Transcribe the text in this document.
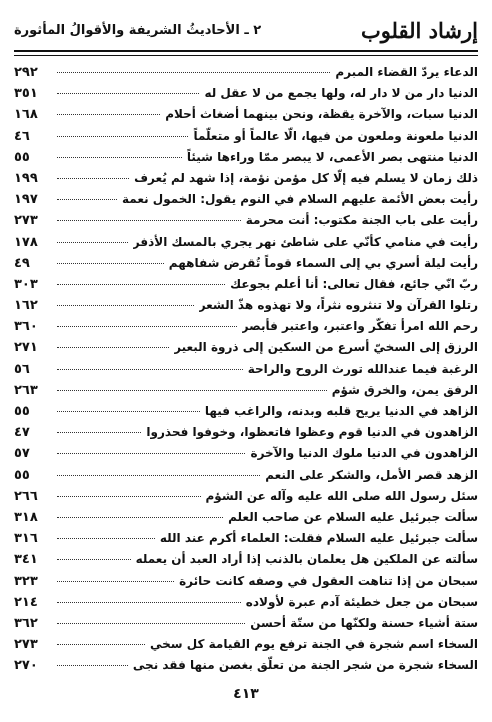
إرشاد القلوب
٢ ـ الأحاديثُ الشريفة والأقوالُ المأثورة
الدعاء يردّ القضاء المبرم
٢٩٢
الدنيا دار من لا دار له، ولها يجمع من لا عقل له
٣٥١
الدنيا سبات، والآخرة يقظة، ونحن بينهما أضغاث أحلام
١٦٨
الدنيا ملعونة وملعون من فيها، الّا عالماً أو متعلّماً
٤٦
الدنيا منتهى بصر الأعمى، لا يبصر ممّا وراءها شيئاً
٥٥
ذلك زمان لا يسلم فيه إلّا كل مؤمن نؤمة، إذا شهد لم يُعرف
١٩٩
رأيت بعض الأئمة عليهم السلام في النوم يقول: الخمول نعمة
١٩٧
رأيت على باب الجنة مكتوب: أنت محرمة
٢٧٣
رأيت في منامي كأنّي على شاطئ نهر يجري بالمسك الأذفر
١٧٨
رأيت ليلة أسري بي إلى السماء قوماً تُقرض شفاههم
٤٩
ربّ انّي جائع، فقال تعالى: أنا أعلم بجوعك
٣٠٣
رتلوا القرآن ولا تنثروه نثراً، ولا تهذوه هذّ الشعر
١٦٢
رحم الله امرأ تفكّر واعتبر، واعتبر فأبصر
٣٦٠
الرزق إلى السخيّ أسرع من السكين إلى ذروة البعير
٢٧١
الرغبة فيما عندالله تورث الروح والراحة
٥٦
الرفق يمن، والخرق شؤم
٢٦٣
الزاهد في الدنيا يريح قلبه وبدنه، والراغب فيها
٥٥
الزاهدون في الدنيا قوم وعظوا فاتعظوا، وخوفوا فحذروا
٤٧
الزاهدون في الدنيا ملوك الدنيا والآخرة
٥٧
الزهد قصر الأمل، والشكر على النعم
٥٥
سئل رسول الله صلى الله عليه وآله عن الشؤم
٢٦٦
سألت جبرئيل عليه السلام عن صاحب العلم
٣١٨
سألت جبرئيل عليه السلام فقلت: العلماء أكرم عند الله
٣١٦
سألته عن الملكين هل يعلمان بالذنب إذا أراد العبد أن يعمله
٣٤١
سبحان من إذا تناهت العقول في وصفه كانت حائرة
٣٢٣
سبحان من جعل خطيئة آدم عبرة لأولاده
٢١٤
ستة أشياء حسنة ولكنّها من ستّة أحسن
٣٦٢
السخاء اسم شجرة في الجنة ترفع يوم القيامة كل سخي
٢٧٣
السخاء شجرة من شجر الجنة من تعلّق بغصن منها فقد نجى
٢٧٠
٤١٣
